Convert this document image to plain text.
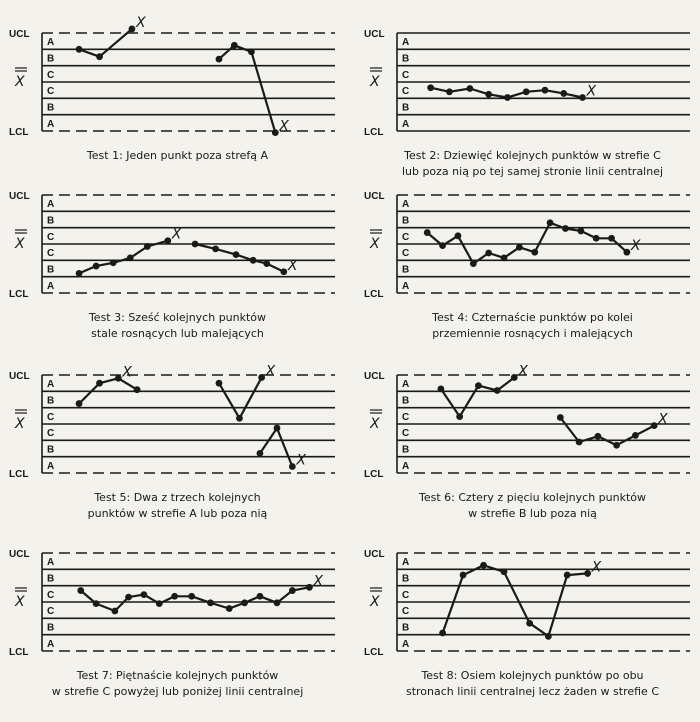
A
B
C
C
B
A
UCL
LCL
X
X
X
Test 1: Jeden punkt poza strefą A
A
B
C
C
B
A
UCL
LCL
X
X
Test 2: Dziewięć kolejnych punktów w strefie C
lub poza nią po tej samej stronie linii centralnej
A
B
C
C
B
A
UCL
LCL
X
X
X
Test 3: Sześć kolejnych punktów
stale rosnących lub malejących
A
B
C
C
B
A
UCL
LCL
X	X
Test 4: Czternaście punktów po kolei
przemiennie rosnących i malejących
A
B
C
C
B
A
UCL
LCL
X
X	X
X
Test 5: Dwa z trzech kolejnych
punktów w strefie A lub poza nią
A
B
C
C
B
A
UCL
LCL
X
X
X
Test 6: Cztery z pięciu kolejnych punktów
w strefie B lub poza nią
A
B
C
C
B
A
UCL
LCL
X
X
Test 7: Piętnaście kolejnych punktów
w strefie C powyżej lub poniżej linii centralnej
A
B
C
C
B
A
UCL
LCL
X
X
Test 8: Osiem kolejnych punktów po obu
stronach linii centralnej lecz żaden w strefie C
